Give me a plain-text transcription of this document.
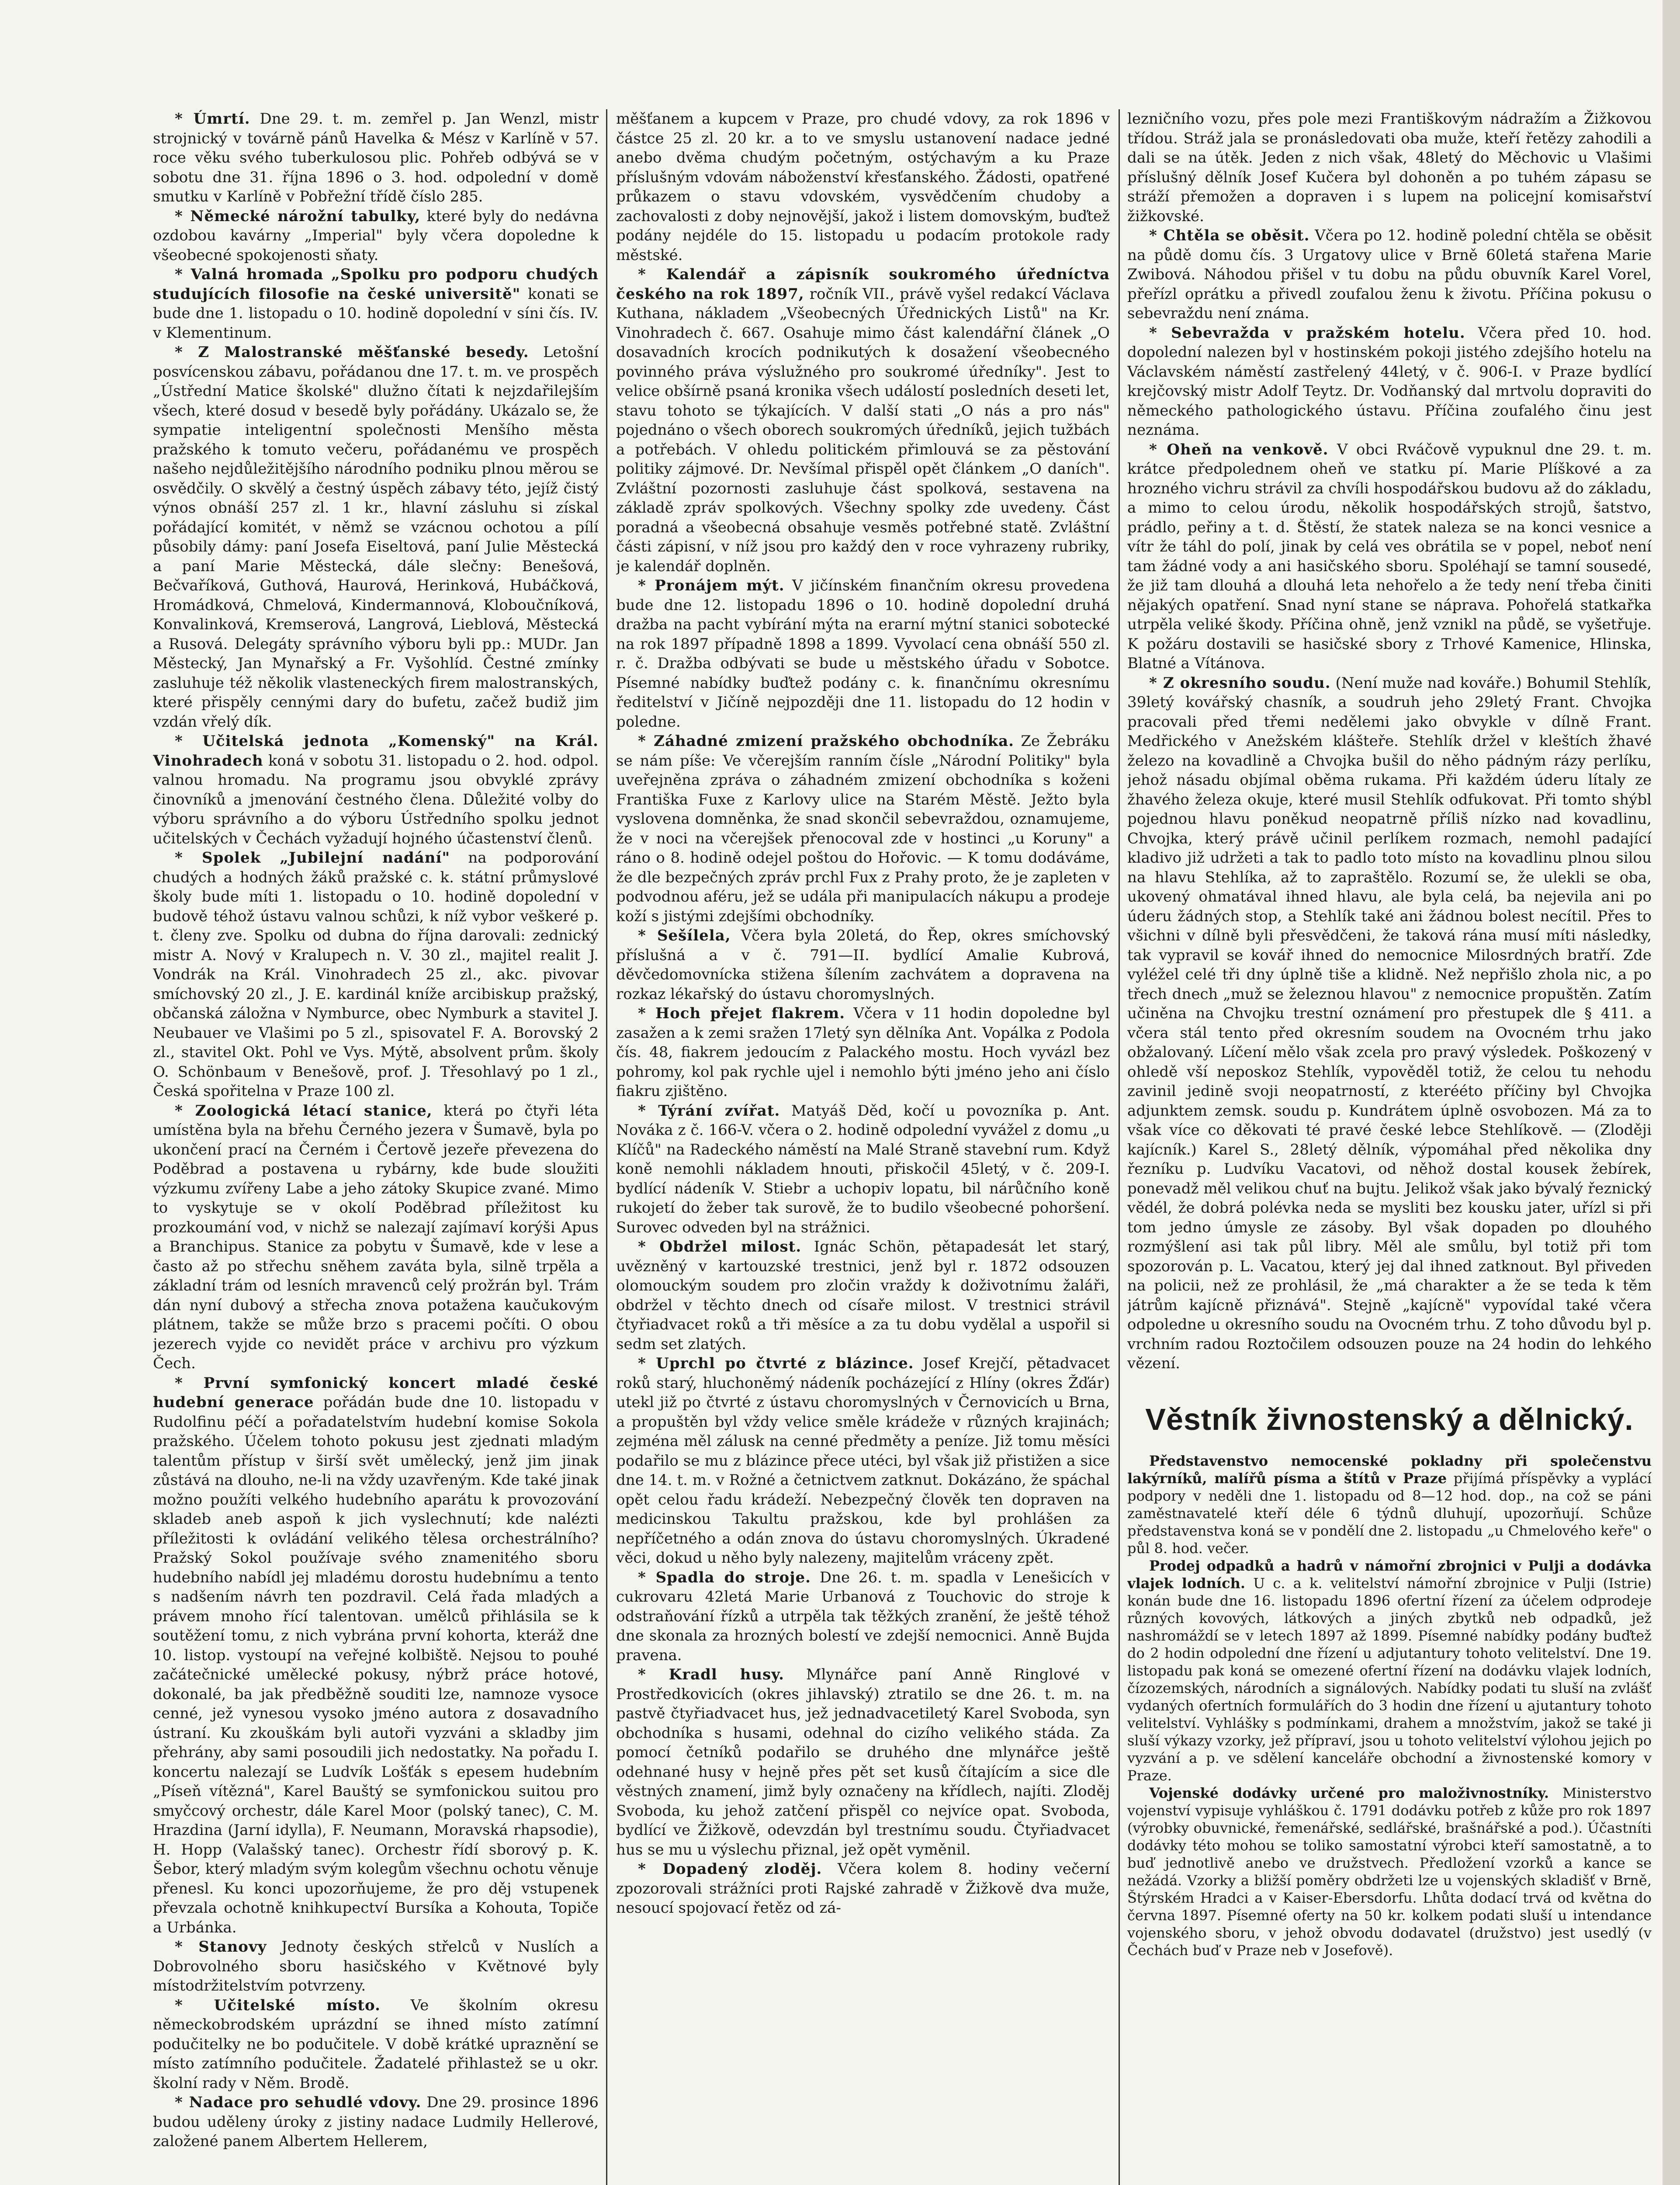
* Úmrtí. Dne 29. t. m. zemřel p. Jan Wenzl, mistr strojnický v továrně pánů Havelka & Mész v Karlíně v 57. roce věku svého tuberkulosou plic. Pohřeb odbývá se v sobotu dne 31. října 1896 o 3. hod. odpolední v domě smutku v Karlíně v Pobřežní třídě číslo 285.

* Německé nárožní tabulky, které byly do nedávna ozdobou kavárny „Imperial" byly včera dopoledne k všeobecné spokojenosti sňaty.

* Valná hromada „Spolku pro podporu chudých studujících filosofie na české universitě" konati se bude dne 1. listopadu o 10. hodině dopolední v síni čís. IV. v Klementinum.

* Z Malostranské měšťanské besedy. Letošní posvícenskou zábavu, pořádanou dne 17. t. m. ve prospěch „Ústřední Matice školské" dlužno čítati k nejzdařilejším všech, které dosud v besedě byly pořádány. Ukázalo se, že sympatie inteligentní společnosti Menšího města pražského k tomuto večeru, pořádanému ve prospěch našeho nejdůležitějšího národního podniku plnou měrou se osvědčily. O skvělý a čestný úspěch zábavy této, jejíž čistý výnos obnáší 257 zl. 1 kr., hlavní zásluhu si získal pořádající komitét, v němž se vzácnou ochotou a pílí působily dámy: paní Josefa Eiseltová, paní Julie Městecká a paní Marie Městecká, dále slečny: Benešová, Bečvaříková, Guthová, Haurová, Herinková, Hubáčková, Hromádková, Chmelová, Kindermannová, Kloboučníková, Konvalinková, Kremserová, Langrová, Lieblová, Městecká a Rusová. Delegáty správního výboru byli pp.: MUDr. Jan Městecký, Jan Mynařský a Fr. Vyšohlíd. Čestné zmínky zasluhuje též několik vlasteneckých firem malostranských, které přispěly cennými dary do bufetu, začež budiž jim vzdán vřelý dík.

* Učitelská jednota „Komenský" na Král. Vinohradech koná v sobotu 31. listopadu o 2. hod. odpol. valnou hromadu. Na programu jsou obvyklé zprávy činovníků a jmenování čestného člena. Důležité volby do výboru správního a do výboru Ústředního spolku jednot učitelských v Čechách vyžadují hojného účastenství členů.

* Spolek „Jubilejní nadání" na podporování chudých a hodných žáků pražské c. k. státní průmyslové školy bude míti 1. listopadu o 10. hodině dopolední v budově téhož ústavu valnou schůzi, k níž vybor veškeré p. t. členy zve. Spolku od dubna do října darovali: zednický mistr A. Nový v Kralupech n. V. 30 zl., majitel realit J. Vondrák na Král. Vinohradech 25 zl., akc. pivovar smíchovský 20 zl., J. E. kardinál kníže arcibiskup pražský, občanská záložna v Nymburce, obec Nymburk a stavitel J. Neubauer ve Vlašimi po 5 zl., spisovatel F. A. Borovský 2 zl., stavitel Okt. Pohl ve Vys. Mýtě, absolvent prům. školy O. Schönbaum v Benešově, prof. J. Třesohlavý po 1 zl., Česká spořitelna v Praze 100 zl.

* Zoologická létací stanice, která po čtyři léta umístěna byla na břehu Černého jezera v Šumavě, byla po ukončení prací na Černém i Čertově jezeře převezena do Poděbrad a postavena u rybárny, kde bude sloužiti výzkumu zvířeny Labe a jeho zátoky Skupice zvané. Mimo to vyskytuje se v okolí Poděbrad příležitost ku prozkoumání vod, v nichž se nalezají zajímaví korýši Apus a Branchipus. Stanice za pobytu v Šumavě, kde v lese a často až po střechu sněhem zaváta byla, silně trpěla a základní trám od lesních mravenců celý prožrán byl. Trám dán nyní dubový a střecha znova potažena kaučukovým plátnem, takže se může brzo s pracemi počíti. O obou jezerech vyjde co nevidět práce v archivu pro výzkum Čech.

* První symfonický koncert mladé české hudební generace pořádán bude dne 10. listopadu v Rudolfinu péčí a pořadatelstvím hudební komise Sokola pražského. Účelem tohoto pokusu jest zjednati mladým talentům přístup v širší svět umělecký, jenž jim jinak zůstává na dlouho, ne-li na vždy uzavřeným. Kde také jinak možno použíti velkého hudebního aparátu k provozování skladeb aneb aspoň k jich vyslechnutí; kde nalézti příležitosti k ovládání velikého tělesa orchestrálního? Pražský Sokol používaje svého znamenitého sboru hudebního nabídl jej mladému dorostu hudebnímu a tento s nadšením návrh ten pozdravil. Celá řada mladých a právem mnoho řící talentovan. umělců přihlásila se k soutěžení tomu, z nich vybrána první kohorta, kteráž dne 10. listop. vystoupí na veřejné kolbiště. Nejsou to pouhé začátečnické umělecké pokusy, nýbrž práce hotové, dokonalé, ba jak předběžně souditi lze, namnoze vysoce cenné, jež vynesou vysoko jméno autora z dosavadního ústraní. Ku zkouškám byli autoři vyzváni a skladby jim přehrány, aby sami posoudili jich nedostatky. Na pořadu I. koncertu nalezají se Ludvík Lošťák s epesem hudebním „Píseň vítězná", Karel Bauštý se symfonickou suitou pro smyčcový orchestr, dále Karel Moor (polský tanec), C. M. Hrazdina (Jarní idylla), F. Neumann, Moravská rhapsodie), H. Hopp (Valašský tanec). Orchestr řídí sborový p. K. Šebor, který mladým svým kolegům všechnu ochotu věnuje přenesl. Ku konci upozorňujeme, že pro děj vstupenek převzala ochotně knihkupectví Bursíka a Kohouta, Topiče a Urbánka.

* Stanovy Jednoty českých střelců v Nuslích a Dobrovolného sboru hasičského v Květnové byly místodržitelstvím potvrzeny.

* Učitelské místo. Ve školním okresu německobrodském uprázdní se ihned místo zatímní podučitelky ne bo podučitele. V době krátké upraznění se místo zatímního podučitele. Žadatelé přihlastež se u okr. školní rady v Něm. Brodě.

* Nadace pro sehudlé vdovy. Dne 29. prosince 1896 budou uděleny úroky z jistiny nadace Ludmily Hellerové, založené panem Albertem Hellerem,

měšťanem a kupcem v Praze, pro chudé vdovy, za rok 1896 v částce 25 zl. 20 kr. a to ve smyslu ustanovení nadace jedné anebo dvěma chudým početným, ostýchavým a ku Praze příslušným vdovám náboženství křesťanského. Žádosti, opatřené průkazem o stavu vdovském, vysvědčením chudoby a zachovalosti z doby nejnovější, jakož i listem domovským, buďtež podány nejdéle do 15. listopadu u podacím protokole rady městské.

* Kalendář a zápisník soukromého úředníctva českého na rok 1897, ročník VII., právě vyšel redakcí Václava Kuthana, nákladem „Všeobecných Úřednických Listů" na Kr. Vinohradech č. 667. Osahuje mimo část kalendářní článek „O dosavadních krocích podnikutých k dosažení všeobecného povinného práva výslužného pro soukromé úředníky". Jest to velice obšírně psaná kronika všech událostí posledních deseti let, stavu tohoto se týkajících. V další stati „O nás a pro nás" pojednáno o všech oborech soukromých úředníků, jejich tužbách a potřebách. V ohledu politickém přimlouvá se za pěstování politiky zájmové. Dr. Nevšímal přispěl opět článkem „O daních". Zvláštní pozornosti zasluhuje část spolková, sestavena na základě zpráv spolkových. Všechny spolky zde uvedeny. Část poradná a všeobecná obsahuje vesměs potřebné statě. Zvláštní části zápisní, v níž jsou pro každý den v roce vyhrazeny rubriky, je kalendář doplněn.

* Pronájem mýt. V jičínském finančním okresu provedena bude dne 12. listopadu 1896 o 10. hodině dopolední druhá dražba na pacht vybírání mýta na erarní mýtní stanici sobotecké na rok 1897 případně 1898 a 1899. Vyvolací cena obnáší 550 zl. r. č. Dražba odbývati se bude u městského úřadu v Sobotce. Písemné nabídky buďtež podány c. k. finančnímu okresnímu ředitelství v Jičíně nejpozději dne 11. listopadu do 12 hodin v poledne.

* Záhadné zmizení pražského obchodníka. Ze Žebráku se nám píše: Ve včerejším ranním čísle „Národní Politiky" byla uveřejněna zpráva o záhadném zmizení obchodníka s koženi Františka Fuxe z Karlovy ulice na Starém Městě. Ježto byla vyslovena domněnka, že snad skončil sebevraždou, oznamujeme, že v noci na včerejšek přenocoval zde v hostinci „u Koruny" a ráno o 8. hodině odejel poštou do Hořovic. — K tomu dodáváme, že dle bezpečných zpráv prchl Fux z Prahy proto, že je zapleten v podvodnou aféru, jež se udála při manipulacích nákupu a prodeje koží s jistými zdejšími obchodníky.

* Sešílela, Včera byla 20letá, do Řep, okres smíchovský příslušná a v č. 791—II. bydlící Amalie Kubrová, děvčedomovnícka stižena šílením zachvátem a dopravena na rozkaz lékařský do ústavu choromyslných.

* Hoch přejet flakrem. Včera v 11 hodin dopoledne byl zasažen a k zemi sražen 17letý syn dělníka Ant. Vopálka z Podola čís. 48, fiakrem jedoucím z Palackého mostu. Hoch vyvázl bez pohromy, kol pak rychle ujel i nemohlo býti jméno jeho ani číslo fiakru zjištěno.

* Týrání zvířat. Matyáš Děd, kočí u povozníka p. Ant. Nováka z č. 166-V. včera o 2. hodině odpolední vyvážel z domu „u Klíčů" na Radeckého náměstí na Malé Straně stavební rum. Když koně nemohli nákladem hnouti, přiskočil 45letý, v č. 209-I. bydlící nádeník V. Stiebr a uchopiv lopatu, bil nárůčního koně rukojetí do žeber tak surově, že to budilo všeobecné pohoršení. Surovec odveden byl na strážnici.

* Obdržel milost. Ignác Schön, pětapadesát let starý, uvězněný v kartouzské trestnici, jenž byl r. 1872 odsouzen olomouckým soudem pro zločin vraždy k doživotnímu žaláři, obdržel v těchto dnech od císaře milost. V trestnici strávil čtyřiadvacet roků a tři měsíce a za tu dobu vydělal a uspořil si sedm set zlatých.

* Uprchl po čtvrté z blázince. Josef Krejčí, pětadvacet roků starý, hluchoněmý nádeník pocházející z Hlíny (okres Žďár) utekl již po čtvrté z ústavu choromyslných v Černovicích u Brna, a propuštěn byl vždy velice směle krádeže v různých krajinách; zejména měl zálusk na cenné předměty a peníze. Již tomu měsíci podařilo se mu z blázince přece utéci, byl však již přistižen a sice dne 14. t. m. v Rožné a četnictvem zatknut. Dokázáno, že spáchal opět celou řadu krádeží. Nebezpečný člověk ten dopraven na medicinskou Takultu pražskou, kde byl prohlášen za nepříčetného a odán znova do ústavu choromyslných. Úkradené věci, dokud u něho byly nalezeny, majitelům vráceny zpět.

* Spadla do stroje. Dne 26. t. m. spadla v Lenešicích v cukrovaru 42letá Marie Urbanová z Touchovic do stroje k odstraňování řízků a utrpěla tak těžkých zranění, že ještě téhož dne skonala za hrozných bolestí ve zdejší nemocnici. Anně Bujda pravena.

* Kradl husy. Mlynářce paní Anně Ringlové v Prostředkovicích (okres jihlavský) ztratilo se dne 26. t. m. na pastvě čtyřiadvacet hus, jež jednadvacetiletý Karel Svoboda, syn obchodníka s husami, odehnal do cizího velikého stáda. Za pomocí četníků podařilo se druhého dne mlynářce ještě odehnané husy v hejně přes pět set kusů čítajícím a sice dle věstných znamení, jimž byly označeny na křídlech, najíti. Zloděj Svoboda, ku jehož zatčení přispěl co nejvíce opat. Svoboda, bydlící ve Žižkově, odevzdán byl trestnímu soudu. Čtyřiadvacet hus se mu u výslechu přiznal, jež opět vyměnil.

* Dopadený zloděj. Včera kolem 8. hodiny večerní zpozorovali strážníci proti Rajské zahradě v Žižkově dva muže, nesoucí spojovací řetěz od zá-

lezničního vozu, přes pole mezi Františkovým nádražím a Žižkovou třídou. Stráž jala se pronásledovati oba muže, kteří řetězy zahodili a dali se na útěk. Jeden z nich však, 48letý do Měchovic u Vlašimi příslušný dělník Josef Kučera byl dohoněn a po tuhém zápasu se stráží přemožen a dopraven i s lupem na policejní komisařství žižkovské.

* Chtěla se oběsit. Včera po 12. hodině polední chtěla se oběsit na půdě domu čís. 3 Urgatovy ulice v Brně 60letá stařena Marie Zwibová. Náhodou přišel v tu dobu na půdu obuvník Karel Vorel, přeřízl oprátku a přivedl zoufalou ženu k životu. Příčina pokusu o sebevraždu není známa.

* Sebevražda v pražském hotelu. Včera před 10. hod. dopolední nalezen byl v hostinském pokoji jistého zdejšího hotelu na Václavském náměstí zastřelený 44letý, v č. 906-I. v Praze bydlící krejčovský mistr Adolf Teytz. Dr. Vodňanský dal mrtvolu dopraviti do německého pathologického ústavu. Příčina zoufalého činu jest neznáma.

* Oheň na venkově. V obci Rváčově vypuknul dne 29. t. m. krátce předpolednem oheň ve statku pí. Marie Plíškové a za hrozného vichru strávil za chvíli hospodářskou budovu až do základu, a mimo to celou úrodu, několik hospodářských strojů, šatstvo, prádlo, peřiny a t. d. Štěstí, že statek naleza se na konci vesnice a vítr že táhl do polí, jinak by celá ves obrátila se v popel, neboť není tam žádné vody a ani hasičského sboru. Spoléhají se tamní sousedé, že již tam dlouhá a dlouhá leta nehořelo a že tedy není třeba činiti nějakých opatření. Snad nyní stane se náprava. Pohořelá statkařka utrpěla veliké škody. Příčina ohně, jenž vznikl na půdě, se vyšetřuje. K požáru dostavili se hasičské sbory z Trhové Kamenice, Hlinska, Blatné a Vítánova.

* Z okresního soudu. (Není muže nad kováře.) Bohumil Stehlík, 39letý kovářský chasník, a soudruh jeho 29letý Frant. Chvojka pracovali před třemi nedělemi jako obvykle v dílně Frant. Medřického v Anežském klášteře. Stehlík držel v kleštích žhavé železo na kovadlině a Chvojka bušil do něho pádným rázy perlíku, jehož násadu objímal oběma rukama. Při každém úderu lítaly ze žhavého železa okuje, které musil Stehlík odfukovat. Při tomto shýbl pojednou hlavu poněkud neopatrně příliš nízko nad kovadlinu, Chvojka, který právě učinil perlíkem rozmach, nemohl padající kladivo již udržeti a tak to padlo toto místo na kovadlinu plnou silou na hlavu Stehlíka, až to zapraštělo. Rozumí se, že ulekli se oba, ukovený ohmatával ihned hlavu, ale byla celá, ba nejevila ani po úderu žádných stop, a Stehlík také ani žádnou bolest necítil. Přes to všichni v dílně byli přesvědčeni, že taková rána musí míti následky, tak vypravil se kovář ihned do nemocnice Milosrdných bratří. Zde vyléžel celé tři dny úplně tiše a klidně. Než nepřišlo zhola nic, a po třech dnech „muž se železnou hlavou" z nemocnice propuštěn. Zatím učiněna na Chvojku trestní oznámení pro přestupek dle § 411. a včera stál tento před okresním soudem na Ovocném trhu jako obžalovaný. Líčení mělo však zcela pro pravý výsledek. Poškozený v ohledě vší neposkoz Stehlík, vypověděl totiž, že celou tu nehodu zavinil jedině svoji neopatrností, z kterééto příčiny byl Chvojka adjunktem zemsk. soudu p. Kundrátem úplně osvobozen. Má za to však více co děkovati té pravé české lebce Stehlíkově. — (Zloději kajícník.) Karel S., 28letý dělník, výpomáhal před několika dny řezníku p. Ludvíku Vacatovi, od něhož dostal kousek žebírek, ponevadž měl velikou chuť na bujtu. Jelikož však jako bývalý řeznický vědél, že dobrá polévka neda se mysliti bez kousku jater, uřízl si při tom jedno úmysle ze zásoby. Byl však dopaden po dlouhého rozmýšlení asi tak půl libry. Měl ale smůlu, byl totiž při tom spozorován p. L. Vacatou, který jej dal ihned zatknout. Byl přiveden na policii, než ze prohlásil, že „má charakter a že se teda k těm játrům kajícně přiznává". Stejně „kajícně" vypovídal také včera odpoledne u okresního soudu na Ovocném trhu. Z toho důvodu byl p. vrchním radou Roztočilem odsouzen pouze na 24 hodin do lehkého vězení.

Věstník živnostenský a dělnický.

Představenstvo nemocenské pokladny při společenstvu lakýrníků, malířů písma a štítů v Praze přijímá příspěvky a vyplácí podpory v neděli dne 1. listopadu od 8—12 hod. dop., na což se páni zaměstnavatelé kteří déle 6 týdnů dluhují, upozorňují. Schůze představenstva koná se v pondělí dne 2. listopadu „u Chmelového keře" o půl 8. hod. večer.

Prodej odpadků a hadrů v námořní zbrojnici v Pulji a dodávka vlajek lodních. U c. a k. velitelství námořní zbrojnice v Pulji (Istrie) konán bude dne 16. listopadu 1896 ofertní řízení za účelem odprodeje různých kovových, látkových a jiných zbytků neb odpadků, jež nashromáždí se v letech 1897 až 1899. Písemné nabídky podány buďtež do 2 hodin odpolední dne řízení u adjutantury tohoto velitelství. Dne 19. listopadu pak koná se omezené ofertní řízení na dodávku vlajek lodních, čízozemských, národních a signálových. Nabídky podati tu sluší na zvlášť vydaných ofertních formulářích do 3 hodin dne řízení u ajutantury tohoto velitelství. Vyhlášky s podmínkami, drahem a množstvím, jakož se také ji sluší výkazy vzorky, jež přípraví, jsou u tohoto velitelství výlohou jejich po vyzvání a p. ve sdělení kanceláře obchodní a živnostenské komory v Praze.

Vojenské dodávky určené pro maloživnostníky. Ministerstvo vojenství vypisuje vyhláškou č. 1791 dodávku potřeb z kůže pro rok 1897 (výrobky obuvnické, řemenářské, sedlářské, brašnářské a pod.). Účastníti dodávky této mohou se toliko samostatní výrobci kteří samostatně, a to buď jednotlivě anebo ve družstvech. Předložení vzorků a kance se nežádá. Vzorky a bližší poměry obdržeti lze u vojenských skladišť v Brně, Štýrském Hradci a v Kaiser-Ebersdorfu. Lhůta dodací trvá od května do června 1897. Písemné oferty na 50 kr. kolkem podati sluší u intendance vojenského sboru, v jehož obvodu dodavatel (družstvo) jest usedlý (v Čechách buď v Praze neb v Josefově).
